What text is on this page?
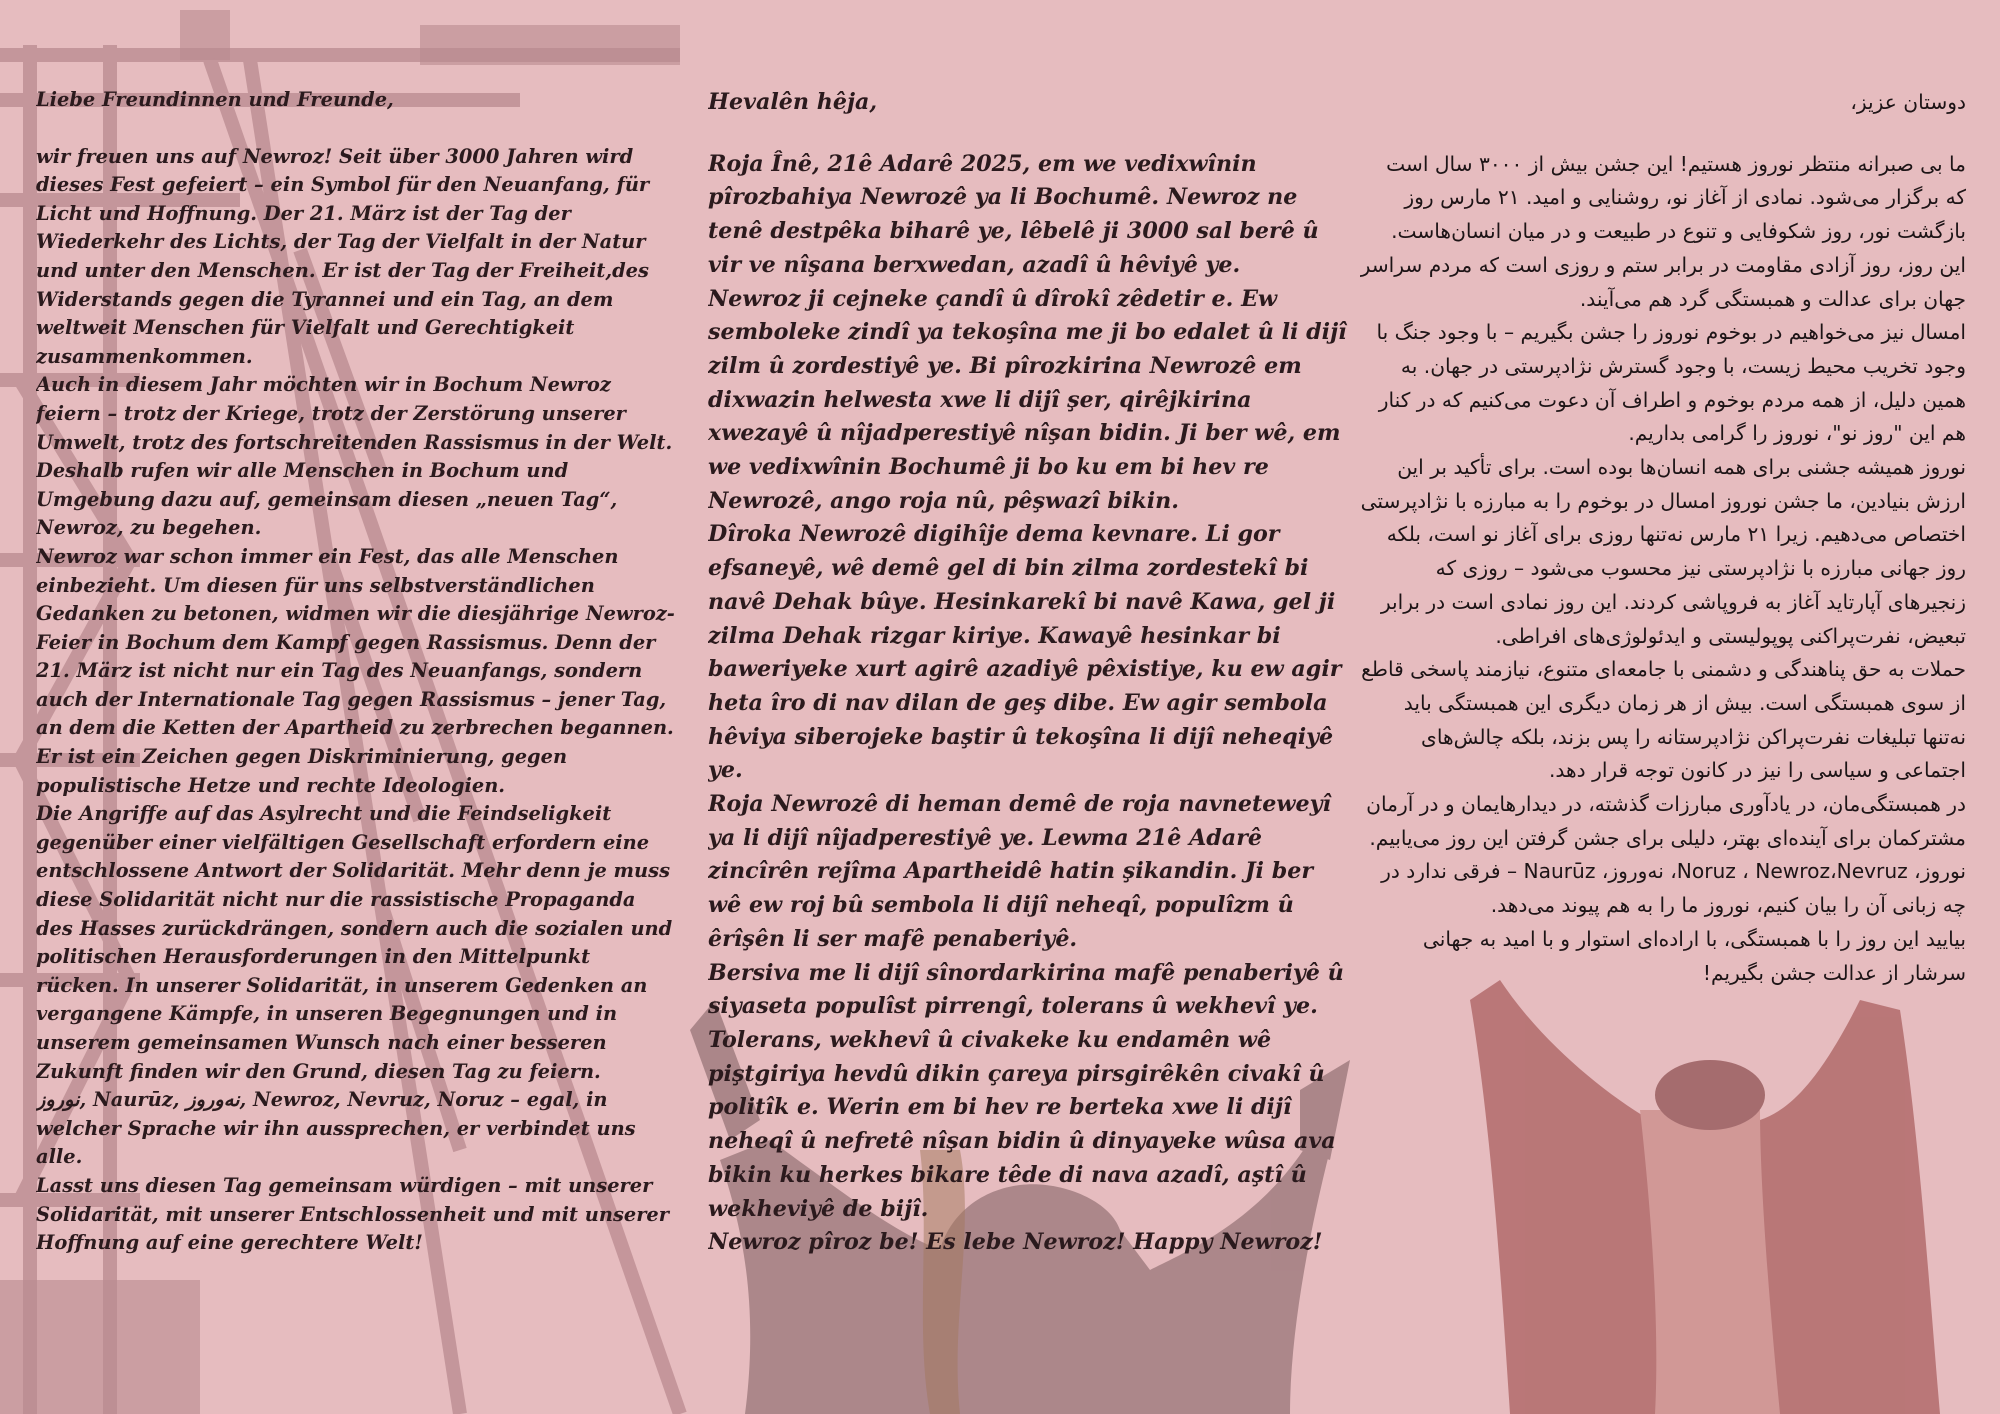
Liebe Freundinnen und Freunde,

wir freuen uns auf Newroz! Seit über 3000 Jahren wird dieses Fest gefeiert – ein Symbol für den Neuanfang, für Licht und Hoffnung. Der 21. März ist der Tag der Wiederkehr des Lichts, der Tag der Vielfalt in der Natur und unter den Menschen. Er ist der Tag der Freiheit,des Widerstands gegen die Tyrannei und ein Tag, an dem weltweit Menschen für Vielfalt und Gerechtigkeit zusammenkommen.

Auch in diesem Jahr möchten wir in Bochum Newroz feiern – trotz der Kriege, trotz der Zerstörung unserer Umwelt, trotz des fortschreitenden Rassismus in der Welt. Deshalb rufen wir alle Menschen in Bochum und Umgebung dazu auf, gemeinsam diesen „neuen Tag“, Newroz, zu begehen.

Newroz war schon immer ein Fest, das alle Menschen einbezieht. Um diesen für uns selbstverständlichen Gedanken zu betonen, widmen wir die diesjährige Newroz-Feier in Bochum dem Kampf gegen Rassismus. Denn der 21. März ist nicht nur ein Tag des Neuanfangs, sondern auch der Internationale Tag gegen Rassismus – jener Tag, an dem die Ketten der Apartheid zu zerbrechen begannen. Er ist ein Zeichen gegen Diskriminierung, gegen populistische Hetze und rechte Ideologien.

Die Angriffe auf das Asylrecht und die Feindseligkeit gegenüber einer vielfältigen Gesellschaft erfordern eine entschlossene Antwort der Solidarität. Mehr denn je muss diese Solidarität nicht nur die rassistische Propaganda des Hasses zurückdrängen, sondern auch die sozialen und politischen Herausforderungen in den Mittelpunkt rücken. In unserer Solidarität, in unserem Gedenken an vergangene Kämpfe, in unseren Begegnungen und in unserem gemeinsamen Wunsch nach einer besseren Zukunft finden wir den Grund, diesen Tag zu feiern.

نوروز, Naurūz, نەوروز, Newroz, Nevruz, Noruz – egal, in welcher Sprache wir ihn aussprechen, er verbindet uns alle.

Lasst uns diesen Tag gemeinsam würdigen – mit unserer Solidarität, mit unserer Entschlossenheit und mit unserer Hoffnung auf eine gerechtere Welt!

Hevalên hêja,

Roja Înê, 21ê Adarê 2025, em we vedixwînin pîrozbahiya Newrozê ya li Bochumê. Newroz ne tenê destpêka biharê ye, lêbelê ji 3000 sal berê û vir ve nîşana berxwedan, azadî û hêviyê ye.

Newroz ji cejneke çandî û dîrokî zêdetir e. Ew semboleke zindî ya tekoşîna me ji bo edalet û li dijî zilm û zordestiyê ye. Bi pîrozkirina Newrozê em dixwazin helwesta xwe li dijî şer, qirêjkirina xwezayê û nîjadperestiyê nîşan bidin. Ji ber wê, em we vedixwînin Bochumê ji bo ku em bi hev re Newrozê, ango roja nû, pêşwazî bikin.

Dîroka Newrozê digihîje dema kevnare. Li gor efsaneyê, wê demê gel di bin zilma zordestekî bi navê Dehak bûye. Hesinkarekî bi navê Kawa, gel ji zilma Dehak rizgar kiriye. Kawayê hesinkar bi baweriyeke xurt agirê azadiyê pêxistiye, ku ew agir heta îro di nav dilan de geş dibe. Ew agir sembola hêviya siberojeke baştir û tekoşîna li dijî neheqiyê ye.

Roja Newrozê di heman demê de roja navneteweyî ya li dijî nîjadperestiyê ye. Lewma 21ê Adarê zincîrên rejîma Apartheidê hatin şikandin. Ji ber wê ew roj bû sembola li dijî neheqî, populîzm û êrîşên li ser mafê penaberiyê.

Bersiva me li dijî sînordarkirina mafê penaberiyê û siyaseta populîst pirrengî, tolerans û wekhevî ye. Tolerans, wekhevî û civakeke ku endamên wê piştgiriya hevdû dikin çareya pirsgirêkên civakî û politîk e. Werin em bi hev re berteka xwe li dijî neheqî û nefretê nîşan bidin û dinyayeke wûsa ava bikin ku herkes bikare têde di nava azadî, aştî û wekheviyê de bijî.

Newroz pîroz be! Es lebe Newroz! Happy Newroz!

دوستان عزیز،

ما بی صبرانه منتظر نوروز هستیم! این جشن بیش از ۳۰۰۰ سال است که برگزار می‌شود. نمادی از آغاز نو، روشنایی و امید. ۲۱ مارس روز بازگشت نور، روز شکوفایی و تنوع در طبیعت و در میان انسان‌هاست. این روز، روز آزادی مقاومت در برابر ستم و روزی است که مردم سراسر جهان برای عدالت و همبستگی گرد هم می‌آیند.

امسال نیز می‌خواهیم در بوخوم نوروز را جشن بگیریم – با وجود جنگ با وجود تخریب محیط زیست، با وجود گسترش نژادپرستی در جهان. به همین دلیل، از همه مردم بوخوم و اطراف آن دعوت می‌کنیم که در کنار هم این "روز نو"، نوروز را گرامی بداریم.

نوروز همیشه جشنی برای همه انسان‌ها بوده است. برای تأکید بر این ارزش بنیادین، ما جشن نوروز امسال در بوخوم را به مبارزه با نژادپرستی اختصاص می‌دهیم. زیرا ۲۱ مارس نه‌تنها روزی برای آغاز نو است، بلکه روز جهانی مبارزه با نژادپرستی نیز محسوب می‌شود – روزی که زنجیرهای آپارتاید آغاز به فروپاشی کردند. این روز نمادی است در برابر تبعیض، نفرت‌پراکنی پوپولیستی و ایدئولوژی‌های افراطی.

حملات به حق پناهندگی و دشمنی با جامعه‌ای متنوع، نیازمند پاسخی قاطع از سوی همبستگی است. بیش از هر زمان دیگری این همبستگی باید نه‌تنها تبلیغات نفرت‌پراکن نژادپرستانه را پس بزند، بلکه چالش‌های اجتماعی و سیاسی را نیز در کانون توجه قرار دهد.

در همبستگی‌مان، در یادآوری مبارزات گذشته، در دیدارهایمان و در آرمان مشترکمان برای آینده‌ای بهتر، دلیلی برای جشن گرفتن این روز می‌یابیم.

نوروز، Noruz ، Newroz،Nevruz، نەوروز، Naurūz – فرقی ندارد در چه زبانی آن را بیان کنیم، نوروز ما را به هم پیوند می‌دهد.

بیایید این روز را با همبستگی، با اراده‌ای استوار و با امید به جهانی سرشار از عدالت جشن بگیریم!
